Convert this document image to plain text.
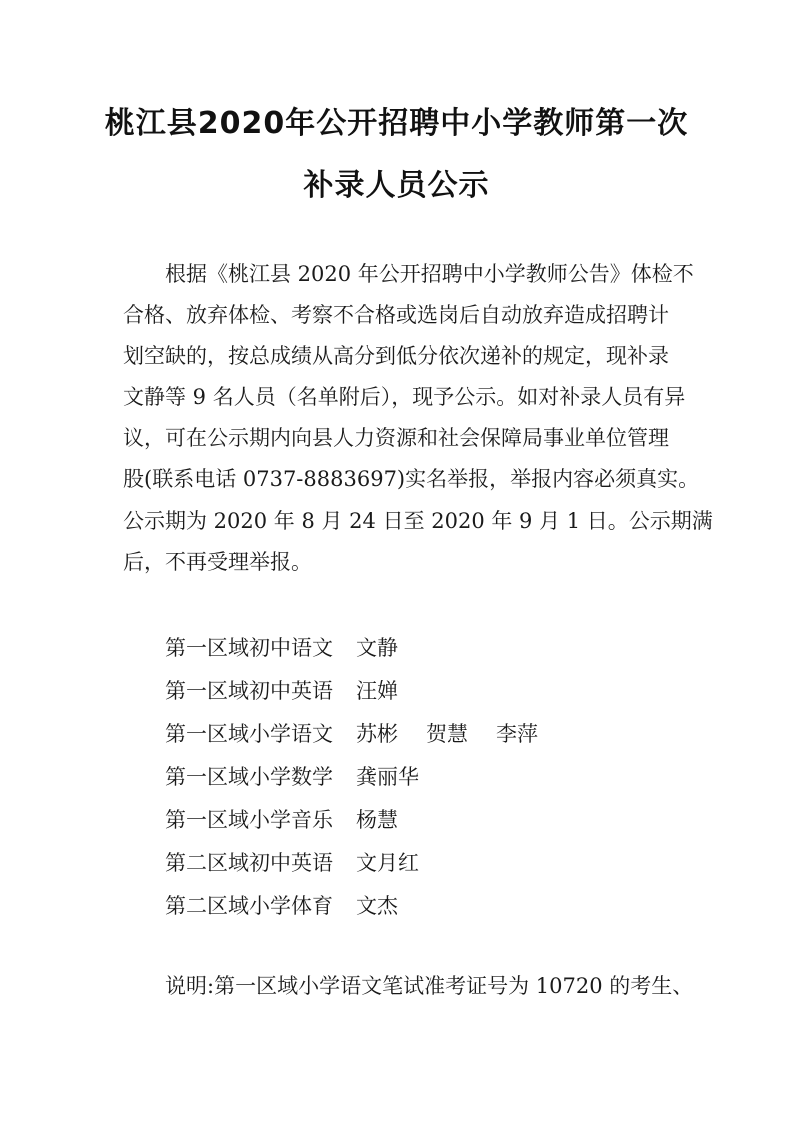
桃江县2020年公开招聘中小学教师第一次
补录人员公示
根据《桃江县 2020 年公开招聘中小学教师公告》体检不
合格、放弃体检、考察不合格或选岗后自动放弃造成招聘计
划空缺的，按总成绩从高分到低分依次递补的规定，现补录
文静等 9 名人员（名单附后），现予公示。如对补录人员有异
议，可在公示期内向县人力资源和社会保障局事业单位管理
股(联系电话 0737-8883697)实名举报，举报内容必须真实。
公示期为 2020 年 8 月 24 日至 2020 年 9 月 1 日。公示期满
后，不再受理举报。
第一区域初中语文 文静
第一区域初中英语 汪婵
第一区域小学语文 苏彬 贺慧 李萍
第一区域小学数学 龚丽华
第一区域小学音乐 杨慧
第二区域初中英语 文月红
第二区域小学体育 文杰
说明:第一区域小学语文笔试准考证号为 10720 的考生、
